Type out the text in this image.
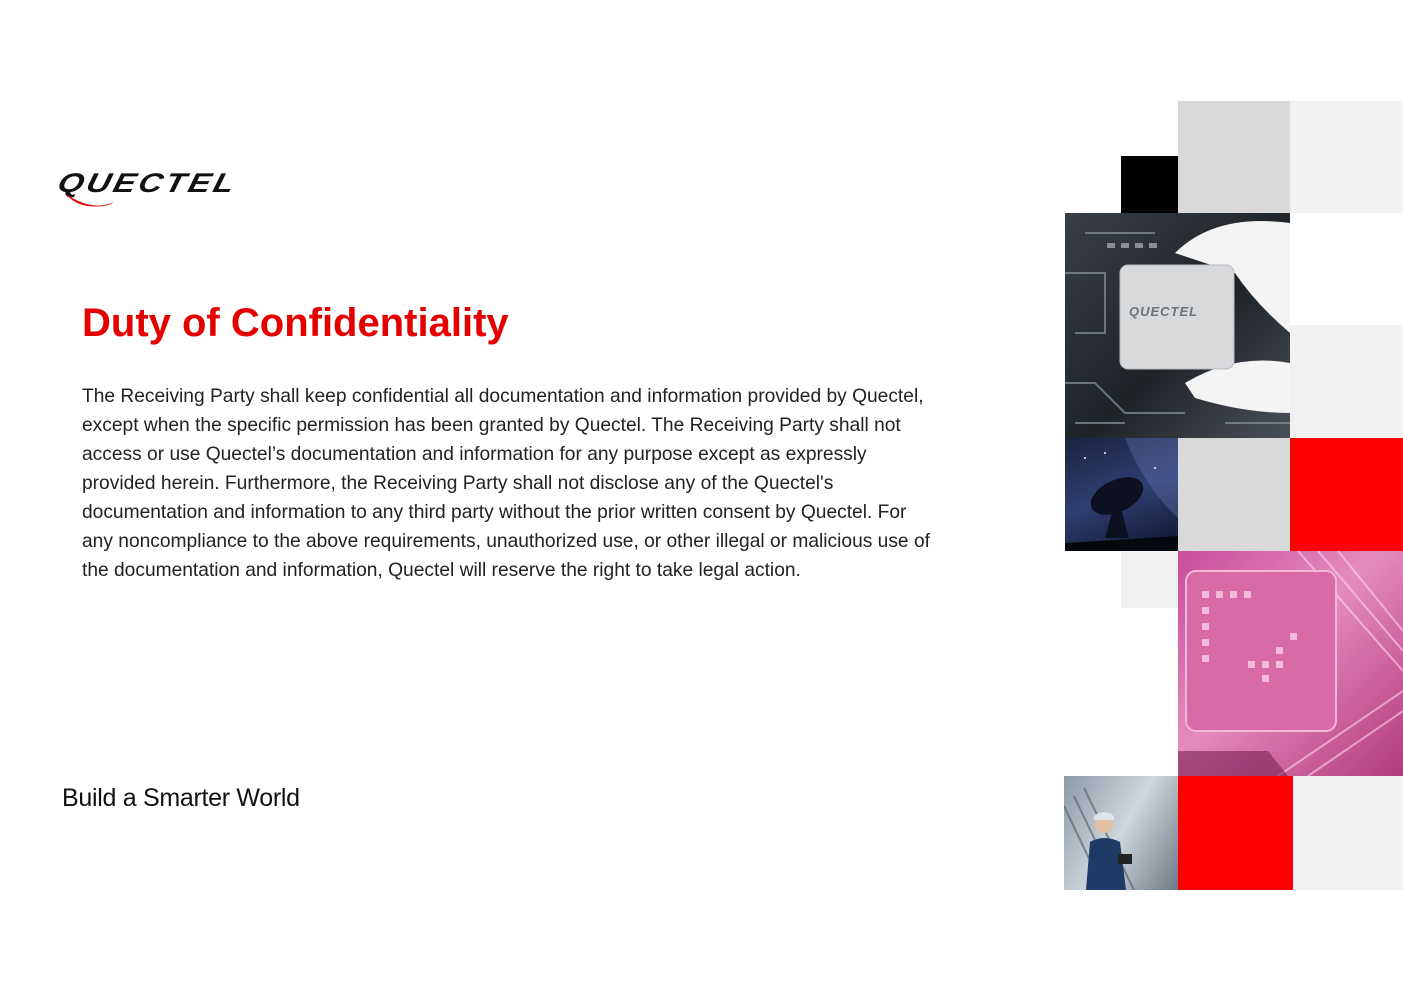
QUECTEL
Duty of Confidentiality

The Receiving Party shall keep confidential all documentation and information provided by Quectel, except when the specific permission has been granted by Quectel. The Receiving Party shall not access or use Quectel’s documentation and information for any purpose except as expressly provided herein. Furthermore, the Receiving Party shall not disclose any of the Quectel's documentation and information to any third party without the prior written consent by Quectel. For any noncompliance to the above requirements, unauthorized use, or other illegal or malicious use of the documentation and information, Quectel will reserve the right to take legal action.

Build a Smarter World
QUECTEL
